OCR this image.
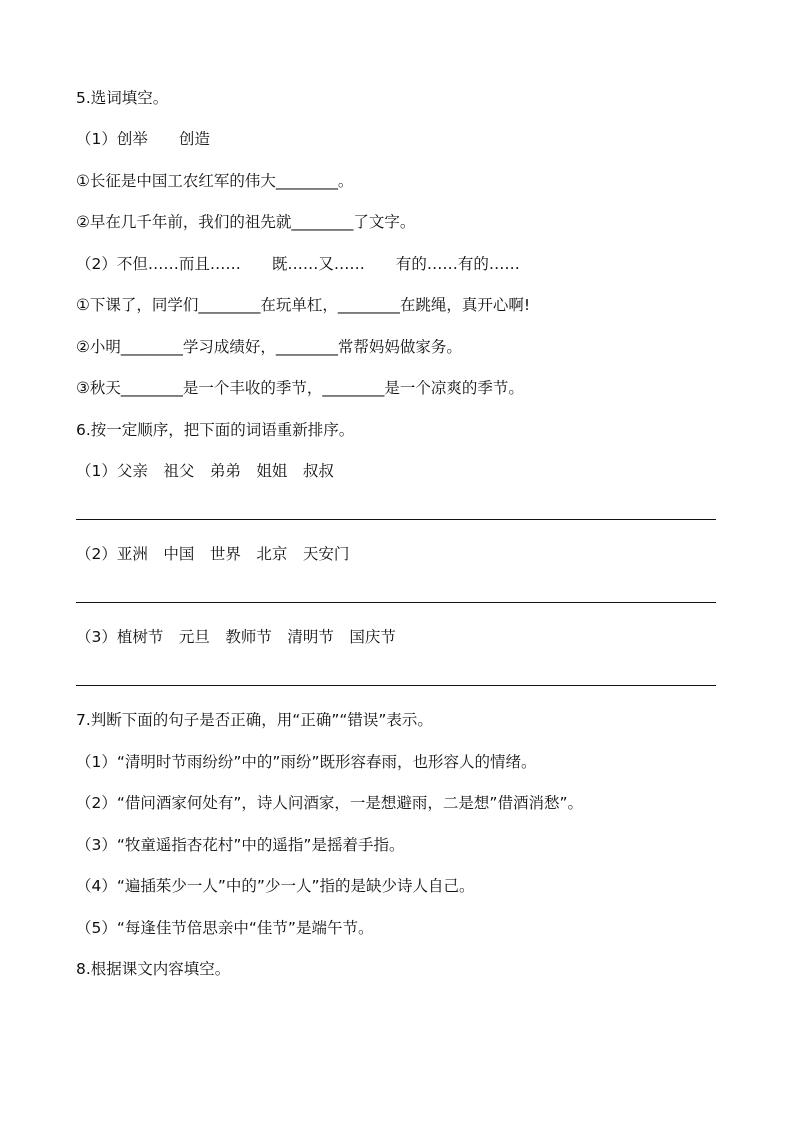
5.选词填空。
（1）创举　　创造
①长征是中国工农红军的伟大________。
②早在几千年前，我们的祖先就________了文字。
（2）不但……而且……　　既……又……　　有的……有的……
①下课了，同学们________在玩单杠，________在跳绳，真开心啊!
②小明________学习成绩好，________常帮妈妈做家务。
③秋天________是一个丰收的季节，________是一个凉爽的季节。
6.按一定顺序，把下面的词语重新排序。
（1）父亲　祖父　弟弟　姐姐　叔叔
（2）亚洲　中国　世界　北京　天安门
（3）植树节　元旦　教师节　清明节　国庆节
7.判断下面的句子是否正确，用“正确”“错误”表示。
（1）“清明时节雨纷纷”中的”雨纷”既形容春雨，也形容人的情绪。
（2）“借问酒家何处有”，诗人问酒家，一是想避雨，二是想”借酒消愁”。
（3）“牧童遥指杏花村”中的遥指”是摇着手指。
（4）“遍插茱少一人”中的”少一人”指的是缺少诗人自己。
（5）“每逢佳节倍思亲中“佳节”是端午节。
8.根据课文内容填空。
